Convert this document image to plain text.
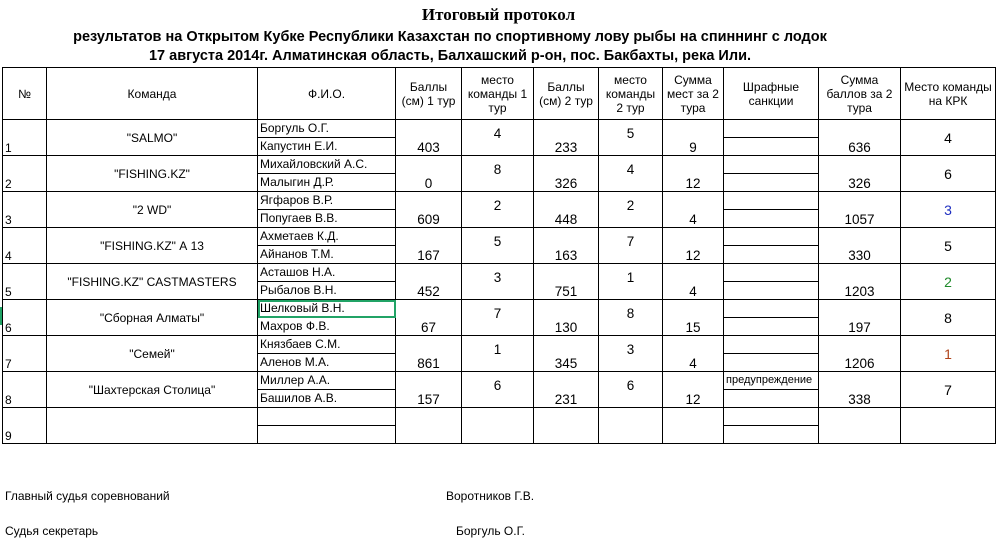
Итоговый протокол
результатов на Открытом Кубке Республики Казахстан по спортивному лову рыбы на спиннинг с лодок
17 августа 2014г. Алматинская область, Балхашский р-он, пос. Бакбахты, река Или.
№	Команда	Ф.И.О.	Баллы (см) 1 тур	место команды 1 тур	Баллы (см) 2 тур	место команды 2 тур	Сумма мест за 2 тура	Шрафные санкции	Сумма баллов за 2 тура	Место команды на КРК
1	"SALMO"	Боргуль О.Г.	403	4	233	5	9		636	4
		Капустин Е.И.								
2	"FISHING.KZ"	Михайловский А.С.	0	8	326	4	12		326	6
		Малыгин Д.Р.								
3	"2 WD"	Ягфаров В.Р.	609	2	448	2	4		1057	3
		Попугаев В.В.								
4	"FISHING.KZ" А 13	Ахметаев К.Д.	167	5	163	7	12		330	5
		Айнанов Т.М.								
5	"FISHING.KZ" CASTMASTERS	Асташов Н.А.	452	3	751	1	4		1203	2
		Рыбалов В.Н.								
6	"Сборная Алматы"	Шелковый В.Н.	67	7	130	8	15		197	8
		Махров Ф.В.								
7	"Семей"	Князбаев С.М.	861	1	345	3	4		1206	1
		Аленов М.А.								
8	"Шахтерская Столица"	Миллер А.А.	157	6	231	6	12	предупреждение	338	7
		Башилов А.В.								
9										

Главный судья соревнований	Воротников Г.В.
Судья секретарь	Боргуль О.Г.
